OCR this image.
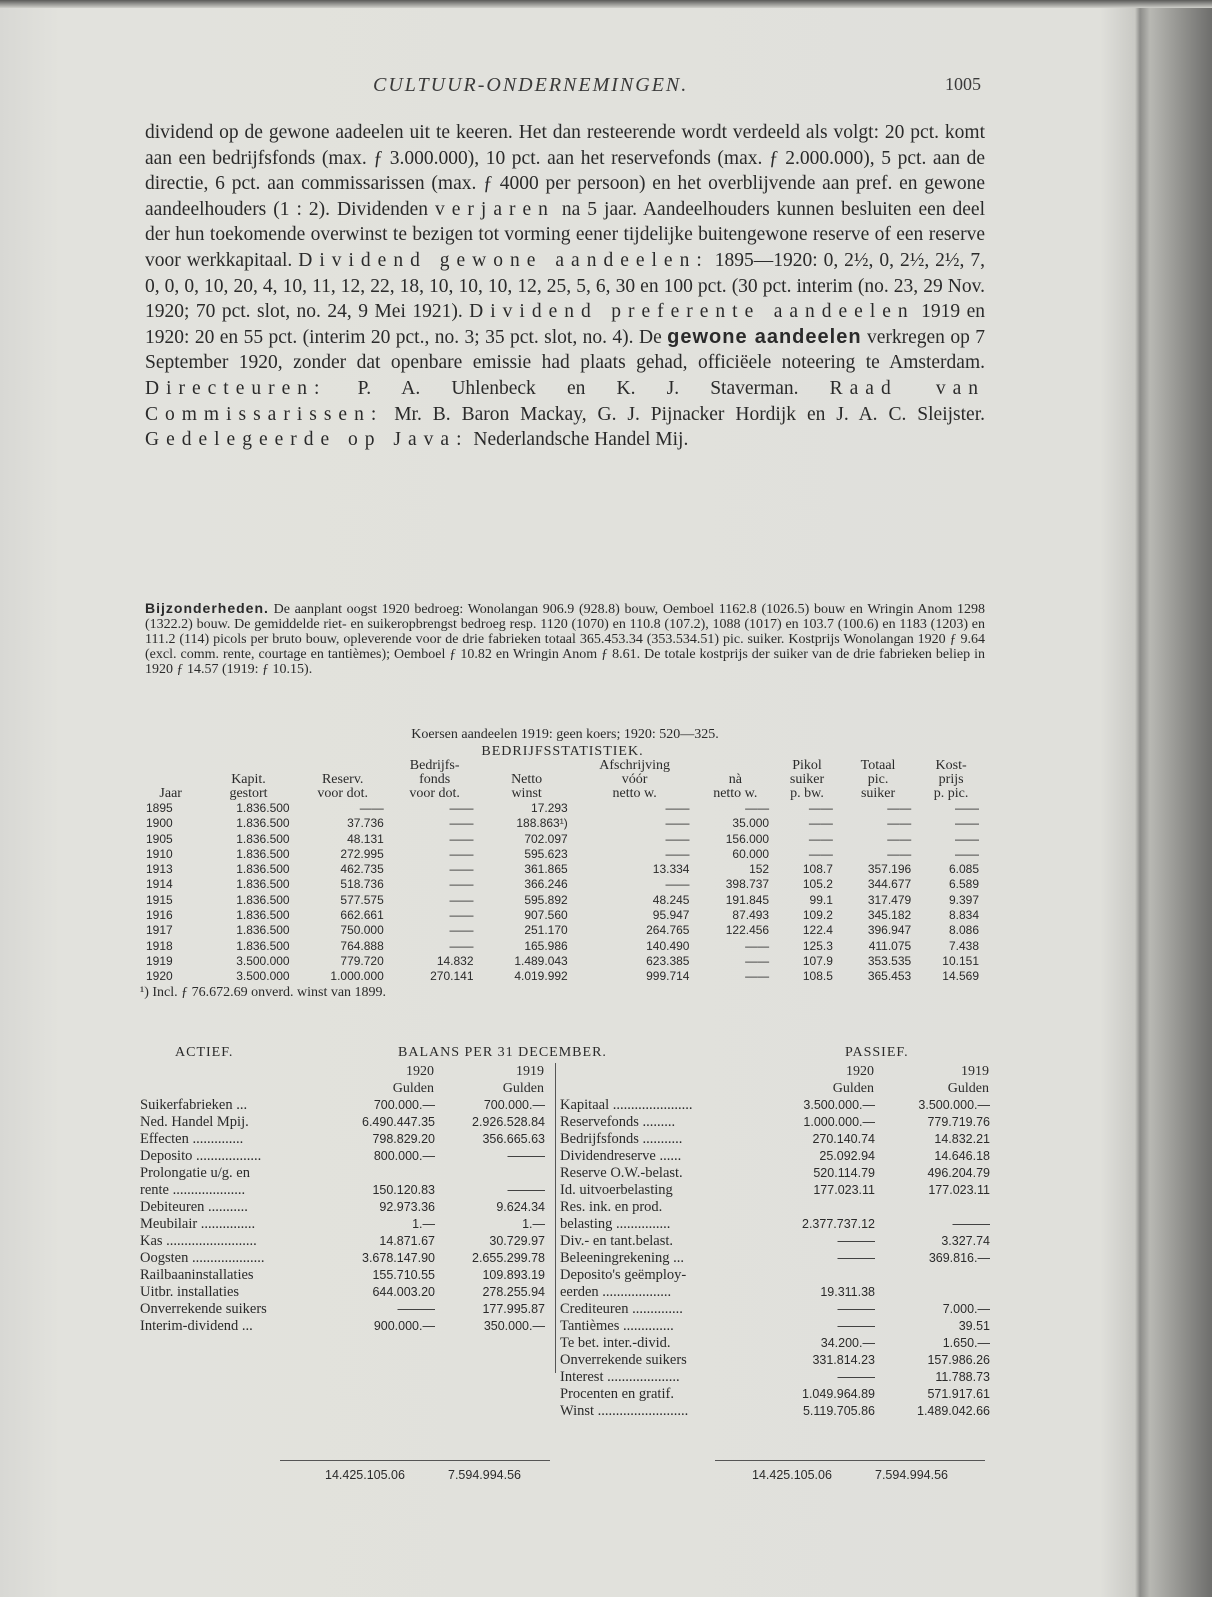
CULTUUR-ONDERNEMINGEN.	1005

dividend op de gewone aadeelen uit te keeren. Het dan resteerende wordt verdeeld als volgt: 20 pct. komt aan een bedrijfsfonds (max. ƒ 3.000.000), 10 pct. aan het reservefonds (max. ƒ 2.000.000), 5 pct. aan de directie, 6 pct. aan commissarissen (max. ƒ 4000 per persoon) en het overblijvende aan pref. en gewone aandeelhouders (1 : 2). Dividenden verjaren na 5 jaar. Aandeelhouders kunnen besluiten een deel der hun toekomende overwinst te bezigen tot vorming eener tijdelijke buitengewone reserve of een reserve voor werkkapitaal. Dividend gewone aandeelen: 1895—1920: 0, 2½, 0, 2½, 2½, 7, 0, 0, 0, 10, 20, 4, 10, 11, 12, 22, 18, 10, 10, 10, 12, 25, 5, 6, 30 en 100 pct. (30 pct. interim (no. 23, 29 Nov. 1920; 70 pct. slot, no. 24, 9 Mei 1921). Dividend preferente aandeelen 1919 en 1920: 20 en 55 pct. (interim 20 pct., no. 3; 35 pct. slot, no. 4). De gewone aandeelen verkregen op 7 September 1920, zonder dat openbare emissie had plaats gehad, officiëele noteering te Amsterdam. Directeuren: P. A. Uhlenbeck en K. J. Staverman. Raad van Commissarissen: Mr. B. Baron Mackay, G. J. Pijnacker Hordijk en J. A. C. Sleijster. Gedelegeerde op Java: Nederlandsche Handel Mij.

Bijzonderheden. De aanplant oogst 1920 bedroeg: Wonolangan 906.9 (928.8) bouw, Oemboel 1162.8 (1026.5) bouw en Wringin Anom 1298 (1322.2) bouw. De gemiddelde riet- en suikeropbrengst bedroeg resp. 1120 (1070) en 110.8 (107.2), 1088 (1017) en 103.7 (100.6) en 1183 (1203) en 111.2 (114) picols per bruto bouw, opleverende voor de drie fabrieken totaal 365.453.34 (353.534.51) pic. suiker. Kostprijs Wonolangan 1920 ƒ 9.64 (excl. comm. rente, courtage en tantièmes); Oemboel ƒ 10.82 en Wringin Anom ƒ 8.61. De totale kostprijs der suiker van de drie fabrieken beliep in 1920 ƒ 14.57 (1919: ƒ 10.15).
Koersen aandeelen 1919: geen koers; 1920: 520—325.
BEDRIJFSSTATISTIEK.
			Bedrijfs-		Afschrijving		Pikol	Totaal	Kost-
	Kapit.	Reserv.	fonds	Netto	vóór	nà	suiker	pic.	prijs
Jaar	gestort	voor dot.	voor dot.	winst	netto w.	netto w.	p. bw.	suiker	p. pic.
1895	1.836.500	——	——	17.293	——	——	——	——	——
1900	1.836.500	37.736	——	188.863¹)	——	35.000	——	——	——
1905	1.836.500	48.131	——	702.097	——	156.000	——	——	——
1910	1.836.500	272.995	——	595.623	——	60.000	——	——	——
1913	1.836.500	462.735	——	361.865	13.334	152	108.7	357.196	6.085
1914	1.836.500	518.736	——	366.246	——	398.737	105.2	344.677	6.589
1915	1.836.500	577.575	——	595.892	48.245	191.845	99.1	317.479	9.397
1916	1.836.500	662.661	——	907.560	95.947	87.493	109.2	345.182	8.834
1917	1.836.500	750.000	——	251.170	264.765	122.456	122.4	396.947	8.086
1918	1.836.500	764.888	——	165.986	140.490	——	125.3	411.075	7.438
1919	3.500.000	779.720	14.832	1.489.043	623.385	——	107.9	353.535	10.151
1920	3.500.000	1.000.000	270.141	4.019.992	999.714	——	108.5	365.453	14.569
¹) Incl. ƒ 76.672.69 onverd. winst van 1899.
ACTIEF.	BALANS PER 31 DECEMBER.	PASSIEF.
	1920	1919
	Gulden	Gulden
Suikerfabrieken ...	700.000.—	700.000.—
Ned. Handel Mpij.	6.490.447.35	2.926.528.84
Effecten ..............	798.829.20	356.665.63
Deposito ..................	800.000.—	———
Prolongatie u/g. en		
rente ....................	150.120.83	———
Debiteuren ...........	92.973.36	9.624.34
Meubilair ...............	1.—	1.—
Kas .........................	14.871.67	30.729.97
Oogsten ....................	3.678.147.90	2.655.299.78
Railbaaninstallaties	155.710.55	109.893.19
Uitbr. installaties	644.003.20	278.255.94
Onverrekende suikers	———	177.995.87
Interim-dividend ...	900.000.—	350.000.—
	1920	1919
	Gulden	Gulden
Kapitaal ......................	3.500.000.—	3.500.000.—
Reservefonds .........	1.000.000.—	779.719.76
Bedrijfsfonds ...........	270.140.74	14.832.21
Dividendreserve ......	25.092.94	14.646.18
Reserve O.W.-belast.	520.114.79	496.204.79
Id. uitvoerbelasting	177.023.11	177.023.11
Res. ink. en prod.		
belasting ...............	2.377.737.12	———
Div.- en tant.belast.	———	3.327.74
Beleeningrekening ...	———	369.816.—
Deposito's geëmploy-		
eerden ...................	19.311.38	
Crediteuren ..............	———	7.000.—
Tantièmes ..............	———	39.51
Te bet. inter.-divid.	34.200.—	1.650.—
Onverrekende suikers	331.814.23	157.986.26
Interest ....................	———	11.788.73
Procenten en gratif.	1.049.964.89	571.917.61
Winst .........................	5.119.705.86	1.489.042.66
14.425.105.06	7.594.994.56	14.425.105.06	7.594.994.56
